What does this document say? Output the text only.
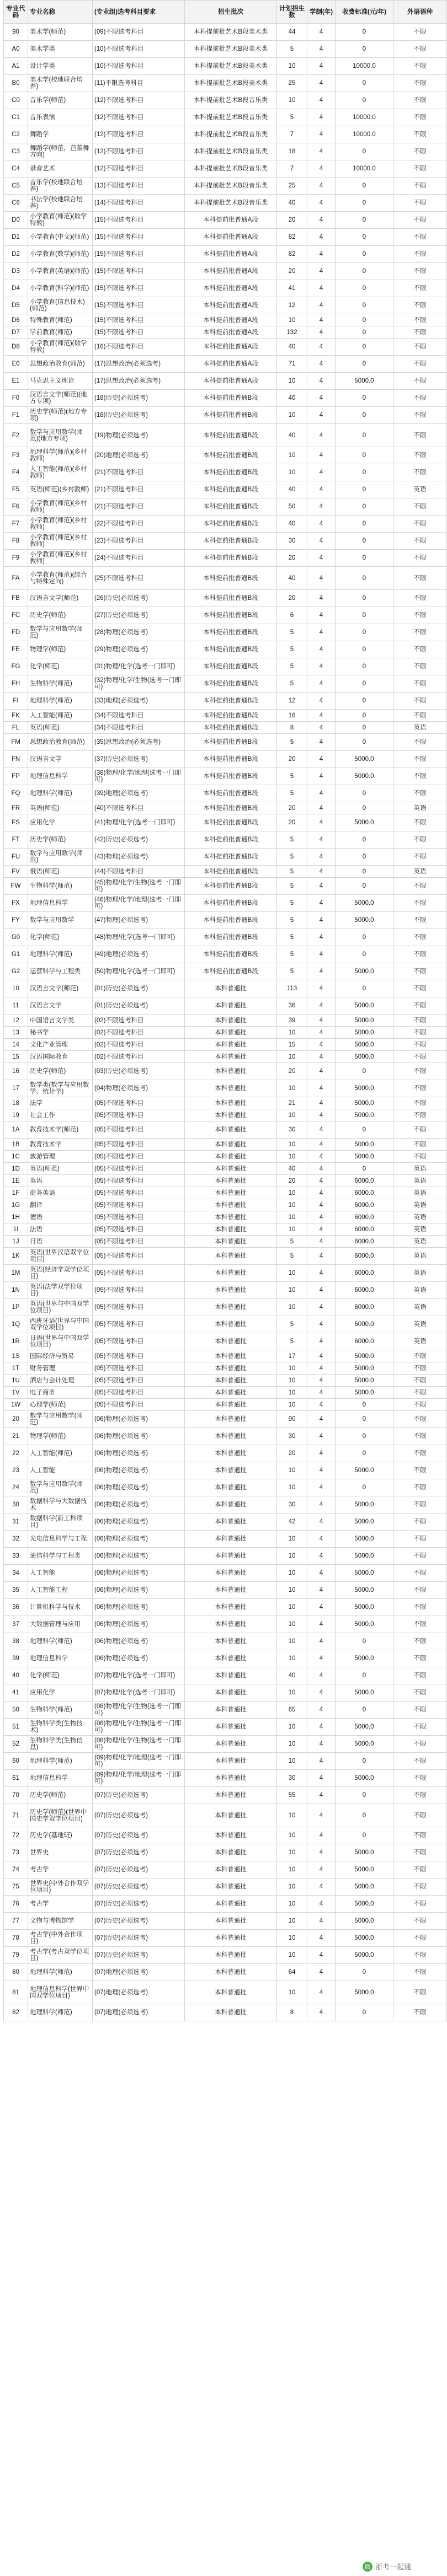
专业代码	专业名称	(专业组)选考科目要求	招生批次	计划招生数	学制(年)	收费标准(元/年)	外语语种
90	美术学(师范)	(09)不限选考科目	本科提前批艺术B段美术类	44	4	0	不限
A0	美术学类	(10)不限选考科目	本科提前批艺术B段美术类	5	4	0	不限
A1	设计学类	(10)不限选考科目	本科提前批艺术B段美术类	10	4	10000.0	不限
B0	美术学(校地联合培养)	(11)不限选考科目	本科提前批艺术B段美术类	25	4	0	不限
C0	音乐学(师范)	(12)不限选考科目	本科提前批艺术B段音乐类	10	4	0	不限
C1	音乐表演	(12)不限选考科目	本科提前批艺术B段音乐类	5	4	10000.0	不限
C2	舞蹈学	(12)不限选考科目	本科提前批艺术B段音乐类	7	4	10000.0	不限
C3	舞蹈学(师范，芭蕾舞方向)	(12)不限选考科目	本科提前批艺术B段音乐类	18	4	0	不限
C4	录音艺术	(12)不限选考科目	本科提前批艺术B段音乐类	7	4	10000.0	不限
C5	音乐学(校地联合培养)	(13)不限选考科目	本科提前批艺术B段音乐类	25	4	0	不限
C6	书法学(校地联合培养)	(14)不限选考科目	本科提前批艺术B段音乐类	40	4	0	不限
D0	小学教育(师范)(数学特教)	(15)不限选考科目	本科提前批普通A段	20	4	0	不限
D1	小学教育(中文)(师范)	(15)不限选考科目	本科提前批普通A段	82	4	0	不限
D2	小学教育(数学)(师范)	(15)不限选考科目	本科提前批普通A段	82	4	0	不限
D3	小学教育(英语)(师范)	(15)不限选考科目	本科提前批普通A段	20	4	0	不限
D4	小学教育(科学)(师范)	(15)不限选考科目	本科提前批普通A段	41	4	0	不限
D5	小学教育(信息技术)(师范)	(15)不限选考科目	本科提前批普通A段	12	4	0	不限
D6	特殊教育(师范)	(15)不限选考科目	本科提前批普通A段	10	4	0	不限
D7	学前教育(师范)	(15)不限选考科目	本科提前批普通A段	132	4	0	不限
D8	小学教育(师范)(数学特教)	(16)不限选考科目	本科提前批普通A段	40	4	0	不限
E0	思想政治教育(师范)	(17)思想政治(必须选考)	本科提前批普通A段	71	4	0	不限
E1	马克思主义理论	(17)思想政治(必须选考)	本科提前批普通A段	10	4	5000.0	不限
F0	汉语言文学(师范)(地方专项)	(18)历史(必须选考)	本科提前批普通B段	40	4	0	不限
F1	历史学(师范)(地方专项)	(18)历史(必须选考)	本科提前批普通B段	10	4	0	不限
F2	数学与应用数学(师范)(地方专项)	(19)物理(必须选考)	本科提前批普通B段	40	4	0	不限
F3	地理科学(师范)(乡村教师)	(20)地理(必须选考)	本科提前批普通B段	10	4	0	不限
F4	人工智能(师范)(乡村教师)	(21)不限选考科目	本科提前批普通B段	10	4	0	不限
F5	英语(师范)(乡村教师)	(21)不限选考科目	本科提前批普通B段	40	4	0	英语
F6	小学教育(师范)(乡村教师)	(21)不限选考科目	本科提前批普通B段	50	4	0	不限
F7	小学教育(师范)(乡村教师)	(22)不限选考科目	本科提前批普通B段	40	4	0	不限
F8	小学教育(师范)(乡村教师)	(23)不限选考科目	本科提前批普通B段	30	4	0	不限
F9	小学教育(师范)(乡村教师)	(24)不限选考科目	本科提前批普通B段	20	4	0	不限
FA	小学教育(师范)(综合与特殊定向)	(25)不限选考科目	本科提前批普通B段	40	4	0	不限
FB	汉语言文学(师范)	(26)历史(必须选考)	本科提前批普通B段	20	4	0	不限
FC	历史学(师范)	(27)历史(必须选考)	本科提前批普通B段	6	4	0	不限
FD	数学与应用数学(师范)	(28)物理(必须选考)	本科提前批普通B段	5	4	0	不限
FE	物理学(师范)	(29)物理(必须选考)	本科提前批普通B段	5	4	0	不限
FG	化学(师范)	(31)物理/化学(选考一门即可)	本科提前批普通B段	5	4	0	不限
FH	生物科学(师范)	(32)物理/化学/生物(选考一门即可)	本科提前批普通B段	5	4	0	不限
FI	地理科学(师范)	(33)地理(必须选考)	本科提前批普通B段	12	4	0	不限
FK	人工智能(师范)	(34)不限选考科目	本科提前批普通B段	16	4	0	不限
FL	英语(师范)	(34)不限选考科目	本科提前批普通B段	8	4	0	英语
FM	思想政治教育(师范)	(35)思想政治(必须选考)	本科提前批普通B段	5	4	0	不限
FN	汉语言文学	(37)历史(必须选考)	本科提前批普通B段	20	4	5000.0	不限
FP	地理信息科学	(38)物理/化学/地理(选考一门即可)	本科提前批普通B段	5	4	5000.0	不限
FQ	地理科学(师范)	(39)地理(必须选考)	本科提前批普通B段	5	4	0	不限
FR	英语(师范)	(40)不限选考科目	本科提前批普通B段	20	4	0	英语
FS	应用化学	(41)物理/化学(选考一门即可)	本科提前批普通B段	20	4	5000.0	不限
FT	历史学(师范)	(42)历史(必须选考)	本科提前批普通B段	5	4	0	不限
FU	数学与应用数学(师范)	(43)物理(必须选考)	本科提前批普通B段	5	4	0	不限
FV	俄语(师范)	(44)不限选考科目	本科提前批普通B段	5	4	0	英语
FW	生物科学(师范)	(45)物理/化学/生物(选考一门即可)	本科提前批普通B段	5	4	0	不限
FX	地理信息科学	(46)物理/化学/地理(选考一门即可)	本科提前批普通B段	5	4	5000.0	不限
FY	数学与应用数学	(47)物理(必须选考)	本科提前批普通B段	5	4	5000.0	不限
G0	化学(师范)	(48)物理/化学(选考一门即可)	本科提前批普通B段	5	4	0	不限
G1	地理科学(师范)	(49)地理(必须选考)	本科提前批普通B段	5	4	0	不限
G2	运营科学与工程类	(50)物理/化学(选考一门即可)	本科提前批普通B段	5	4	5000.0	不限
10	汉语言文学(师范)	(01)历史(必须选考)	本科普通批	113	4	0	不限
11	汉语言文学	(01)历史(必须选考)	本科普通批	36	4	5000.0	不限
12	中国语言文学类	(02)不限选考科目	本科普通批	39	4	5000.0	不限
13	秘书学	(02)不限选考科目	本科普通批	10	4	5000.0	不限
14	文化产业管理	(02)不限选考科目	本科普通批	15	4	5000.0	不限
15	汉语国际教育	(02)不限选考科目	本科普通批	10	4	5000.0	不限
16	历史学(师范)	(03)历史(必须选考)	本科普通批	20	4	0	不限
17	数学类(数学与应用数学、统计学)	(04)物理(必须选考)	本科普通批	10	4	5000.0	不限
18	法学	(05)不限选考科目	本科普通批	21	4	5000.0	不限
19	社会工作	(05)不限选考科目	本科普通批	10	4	5000.0	不限
1A	教育技术学(师范)	(05)不限选考科目	本科普通批	30	4	0	不限
1B	教育技术学	(05)不限选考科目	本科普通批	10	4	5000.0	不限
1C	旅游管理	(05)不限选考科目	本科普通批	10	4	5000.0	不限
1D	英语(师范)	(05)不限选考科目	本科普通批	40	4	0	英语
1E	英语	(05)不限选考科目	本科普通批	20	4	6000.0	英语
1F	商务英语	(05)不限选考科目	本科普通批	10	4	6000.0	英语
1G	翻译	(05)不限选考科目	本科普通批	10	4	6000.0	英语
1H	德语	(05)不限选考科目	本科普通批	10	4	6000.0	英语
1I	法语	(05)不限选考科目	本科普通批	10	4	6000.0	英语
1J	日语	(05)不限选考科目	本科普通批	5	4	6000.0	英语
1K	英语(世界汉语双学位项目)	(05)不限选考科目	本科普通批	5	4	6000.0	英语
1M	英语(经济学双学位项目)	(05)不限选考科目	本科普通批	10	4	6000.0	英语
1N	英语(法学双学位项目)	(05)不限选考科目	本科普通批	10	4	6000.0	英语
1P	英语(世界与中国双学位项目)	(05)不限选考科目	本科普通批	10	4	6000.0	英语
1Q	西班牙语(世界与中国双学位项目)	(05)不限选考科目	本科普通批	5	4	6000.0	英语
1R	日语(世界与中国双学位项目)	(05)不限选考科目	本科普通批	5	4	6000.0	英语
1S	国际经济与贸易	(05)不限选考科目	本科普通批	17	4	5000.0	不限
1T	财务管理	(05)不限选考科目	本科普通批	10	4	5000.0	不限
1U	酒店与会计处理	(05)不限选考科目	本科普通批	10	4	5000.0	不限
1V	电子商务	(05)不限选考科目	本科普通批	10	4	5000.0	不限
1W	心理学(师范)	(05)不限选考科目	本科普通批	10	4	0	不限
20	数学与应用数学(师范)	(06)物理(必须选考)	本科普通批	90	4	0	不限
21	物理学(师范)	(06)物理(必须选考)	本科普通批	30	4	0	不限
22	人工智能(师范)	(06)物理(必须选考)	本科普通批	20	4	0	不限
23	人工智能	(06)物理(必须选考)	本科普通批	10	4	5000.0	不限
24	数学与应用数学(师范)	(06)物理(必须选考)	本科普通批	10	4	0	不限
30	数据科学与大数据技术	(06)物理(必须选考)	本科普通批	30	4	5000.0	不限
31	数据科学(新工科项目)	(06)物理(必须选考)	本科普通批	42	4	5000.0	不限
32	光电信息科学与工程	(06)物理(必须选考)	本科普通批	10	4	5000.0	不限
33	通信科学与工程类	(06)物理(必须选考)	本科普通批	10	4	5000.0	不限
34	人工智能	(06)物理(必须选考)	本科普通批	10	4	5000.0	不限
35	人工智能工程	(06)物理(必须选考)	本科普通批	10	4	5000.0	不限
36	计算机科学与技术	(06)物理(必须选考)	本科普通批	10	4	5000.0	不限
37	大数据管理与应用	(06)物理(必须选考)	本科普通批	10	4	5000.0	不限
38	地理科学(师范)	(06)物理(必须选考)	本科普通批	10	4	0	不限
39	地理信息科学	(06)物理(必须选考)	本科普通批	10	4	5000.0	不限
40	化学(师范)	(07)物理/化学(选考一门即可)	本科普通批	40	4	0	不限
41	应用化学	(07)物理/化学(选考一门即可)	本科普通批	10	4	5000.0	不限
50	生物科学(师范)	(08)物理/化学/生物(选考一门即可)	本科普通批	65	4	0	不限
51	生物科学类(生物技术)	(08)物理/化学/生物(选考一门即可)	本科普通批	10	4	5000.0	不限
52	生物科学类(生物信息)	(08)物理/化学/生物(选考一门即可)	本科普通批	10	4	5000.0	不限
60	地理科学(师范)	(09)物理/化学/地理(选考一门即可)	本科普通批	10	4	0	不限
61	地理信息科学	(09)物理/化学/地理(选考一门即可)	本科普通批	30	4	5000.0	不限
70	历史学(师范)	(07)历史(必须选考)	本科普通批	55	4	0	不限
71	历史学(师范)(世界中国史学双学位项目)	(07)历史(必须选考)	本科普通批	10	4	0	不限
72	历史学(基地班)	(07)历史(必须选考)	本科普通批	10	4	0	不限
73	世界史	(07)历史(必须选考)	本科普通批	10	4	5000.0	不限
74	考古学	(07)历史(必须选考)	本科普通批	10	4	5000.0	不限
75	世界史(中外合作双学位项目)	(07)历史(必须选考)	本科普通批	10	4	5000.0	不限
76	考古学	(07)历史(必须选考)	本科普通批	10	4	5000.0	不限
77	文物与博物馆学	(07)历史(必须选考)	本科普通批	10	4	5000.0	不限
78	考古学(中外合作项目)	(07)历史(必须选考)	本科普通批	10	4	5000.0	不限
79	考古学(考古双学位项目)	(07)历史(必须选考)	本科普通批	10	4	5000.0	不限
80	地理科学(师范)	(07)地理(必须选考)	本科普通批	64	4	0	不限
81	地理信息科学(世界中国双学位项目)	(07)地理(必须选考)	本科普通批	10	4	5000.0	不限
82	地理科学(师范)	(07)地理(必须选考)	本科普通批	8	4	0	不限
微 浙考一起通
